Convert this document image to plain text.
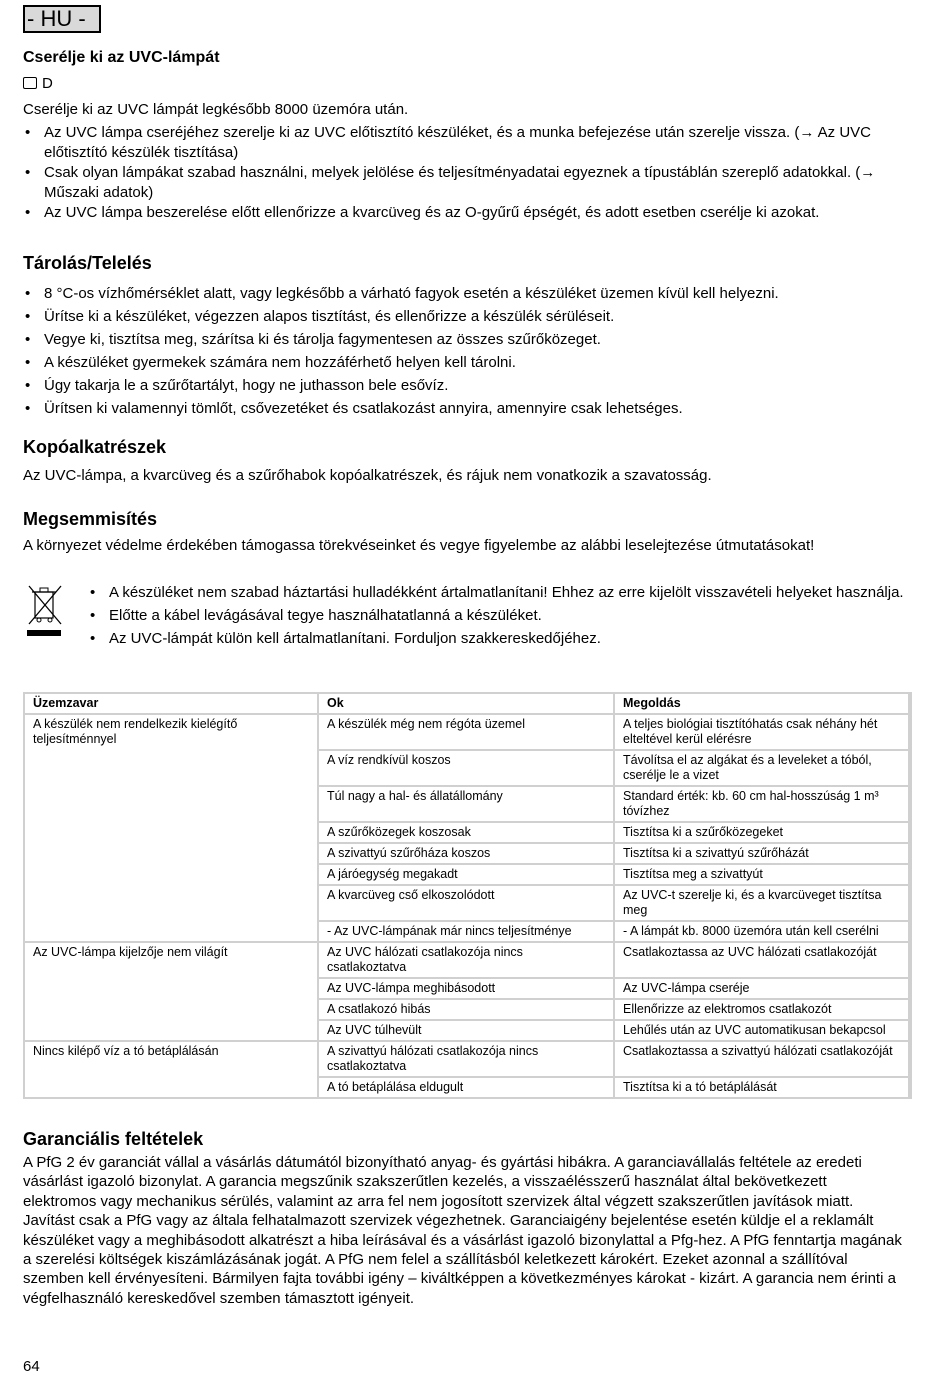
- HU -
Cserélje ki az UVC-lámpát
D
Cserélje ki az UVC lámpát legkésőbb 8000 üzemóra után.
• Az UVC lámpa cseréjéhez szerelje ki az UVC előtisztító készüléket, és a munka befejezése után szerelje vissza. (→ Az UVC előtisztító készülék tisztítása)
• Csak olyan lámpákat szabad használni, melyek jelölése és teljesítményadatai egyeznek a típustáblán szereplő adatokkal. (→ Műszaki adatok)
• Az UVC lámpa beszerelése előtt ellenőrizze a kvarcüveg és az O-gyűrű épségét, és adott esetben cserélje ki azokat.
Tárolás/Telelés
• 8 °C-os vízhőmérséklet alatt, vagy legkésőbb a várható fagyok esetén a készüléket üzemen kívül kell helyezni.
• Ürítse ki a készüléket, végezzen alapos tisztítást, és ellenőrizze a készülék sérüléseit.
• Vegye ki, tisztítsa meg, szárítsa ki és tárolja fagymentesen az összes szűrőközeget.
• A készüléket gyermekek számára nem hozzáférhető helyen kell tárolni.
• Úgy takarja le a szűrőtartályt, hogy ne juthasson bele esővíz.
• Ürítsen ki valamennyi tömlőt, csővezetéket és csatlakozást annyira, amennyire csak lehetséges.
Kopóalkatrészek
Az UVC-lámpa, a kvarcüveg és a szűrőhabok kopóalkatrészek, és rájuk nem vonatkozik a szavatosság.
Megsemmisítés
A környezet védelme érdekében támogassa törekvéseinket és vegye figyelembe az alábbi leselejtezése útmutatásokat!
• A készüléket nem szabad háztartási hulladékként ártalmatlanítani! Ehhez az erre kijelölt visszavételi helyeket használja.
• Előtte a kábel levágásával tegye használhatatlanná a készüléket.
• Az UVC-lámpát külön kell ártalmatlanítani. Forduljon szakkereskedőjéhez.
Üzemzavar	Ok	Megoldás
A készülék nem rendelkezik kielégítő teljesítménnyel	A készülék még nem régóta üzemel	A teljes biológiai tisztítóhatás csak néhány hét elteltével kerül elérésre
	A víz rendkívül koszos	Távolítsa el az algákat és a leveleket a tóból, cserélje le a vizet
	Túl nagy a hal- és állatállomány	Standard érték: kb. 60 cm hal-hosszúság 1 m³ tóvízhez
	A szűrőközegek koszosak	Tisztítsa ki a szűrőközegeket
	A szivattyú szűrőháza koszos	Tisztítsa ki a szivattyú szűrőházát
	A járóegység megakadt	Tisztítsa meg a szivattyút
	A kvarcüveg cső elkoszolódott	Az UVC-t szerelje ki, és a kvarcüveget tisztítsa meg
	- Az UVC-lámpának már nincs teljesítménye	- A lámpát kb. 8000 üzemóra után kell cserélni
Az UVC-lámpa kijelzője nem világít	Az UVC hálózati csatlakozója nincs csatlakoztatva	Csatlakoztassa az UVC hálózati csatlakozóját
	Az UVC-lámpa meghibásodott	Az UVC-lámpa cseréje
	A csatlakozó hibás	Ellenőrizze az elektromos csatlakozót
	Az UVC túlhevült	Lehűlés után az UVC automatikusan bekapcsol
Nincs kilépő víz a tó betáplálásán	A szivattyú hálózati csatlakozója nincs csatlakoztatva	Csatlakoztassa a szivattyú hálózati csatlakozóját
	A tó betáplálása eldugult	Tisztítsa ki a tó betáplálását
Garanciális feltételek
A PfG 2 év garanciát vállal a vásárlás dátumától bizonyítható anyag- és gyártási hibákra. A garanciavállalás feltétele az eredeti vásárlást igazoló bizonylat. A garancia megszűnik szakszerűtlen kezelés, a visszaélésszerű használat által bekövetkezett elektromos vagy mechanikus sérülés, valamint az arra fel nem jogosított szervizek által végzett szakszerűtlen javítások miatt. Javítást csak a PfG vagy az általa felhatalmazott szervizek végezhetnek. Garanciaigény bejelentése esetén küldje el a reklamált készüléket vagy a meghibásodott alkatrészt a hiba leírásával és a vásárlást igazoló bizonylattal a Pfg-hez. A PfG fenntartja magának a szerelési költségek kiszámlázásának jogát. A PfG nem felel a szállításból keletkezett károkért. Ezeket azonnal a szállítóval szemben kell érvényesíteni. Bármilyen fajta további igény – kiváltképpen a következményes károkat - kizárt. A garancia nem érinti a végfelhasználó kereskedővel szemben támasztott igényeit.
64
